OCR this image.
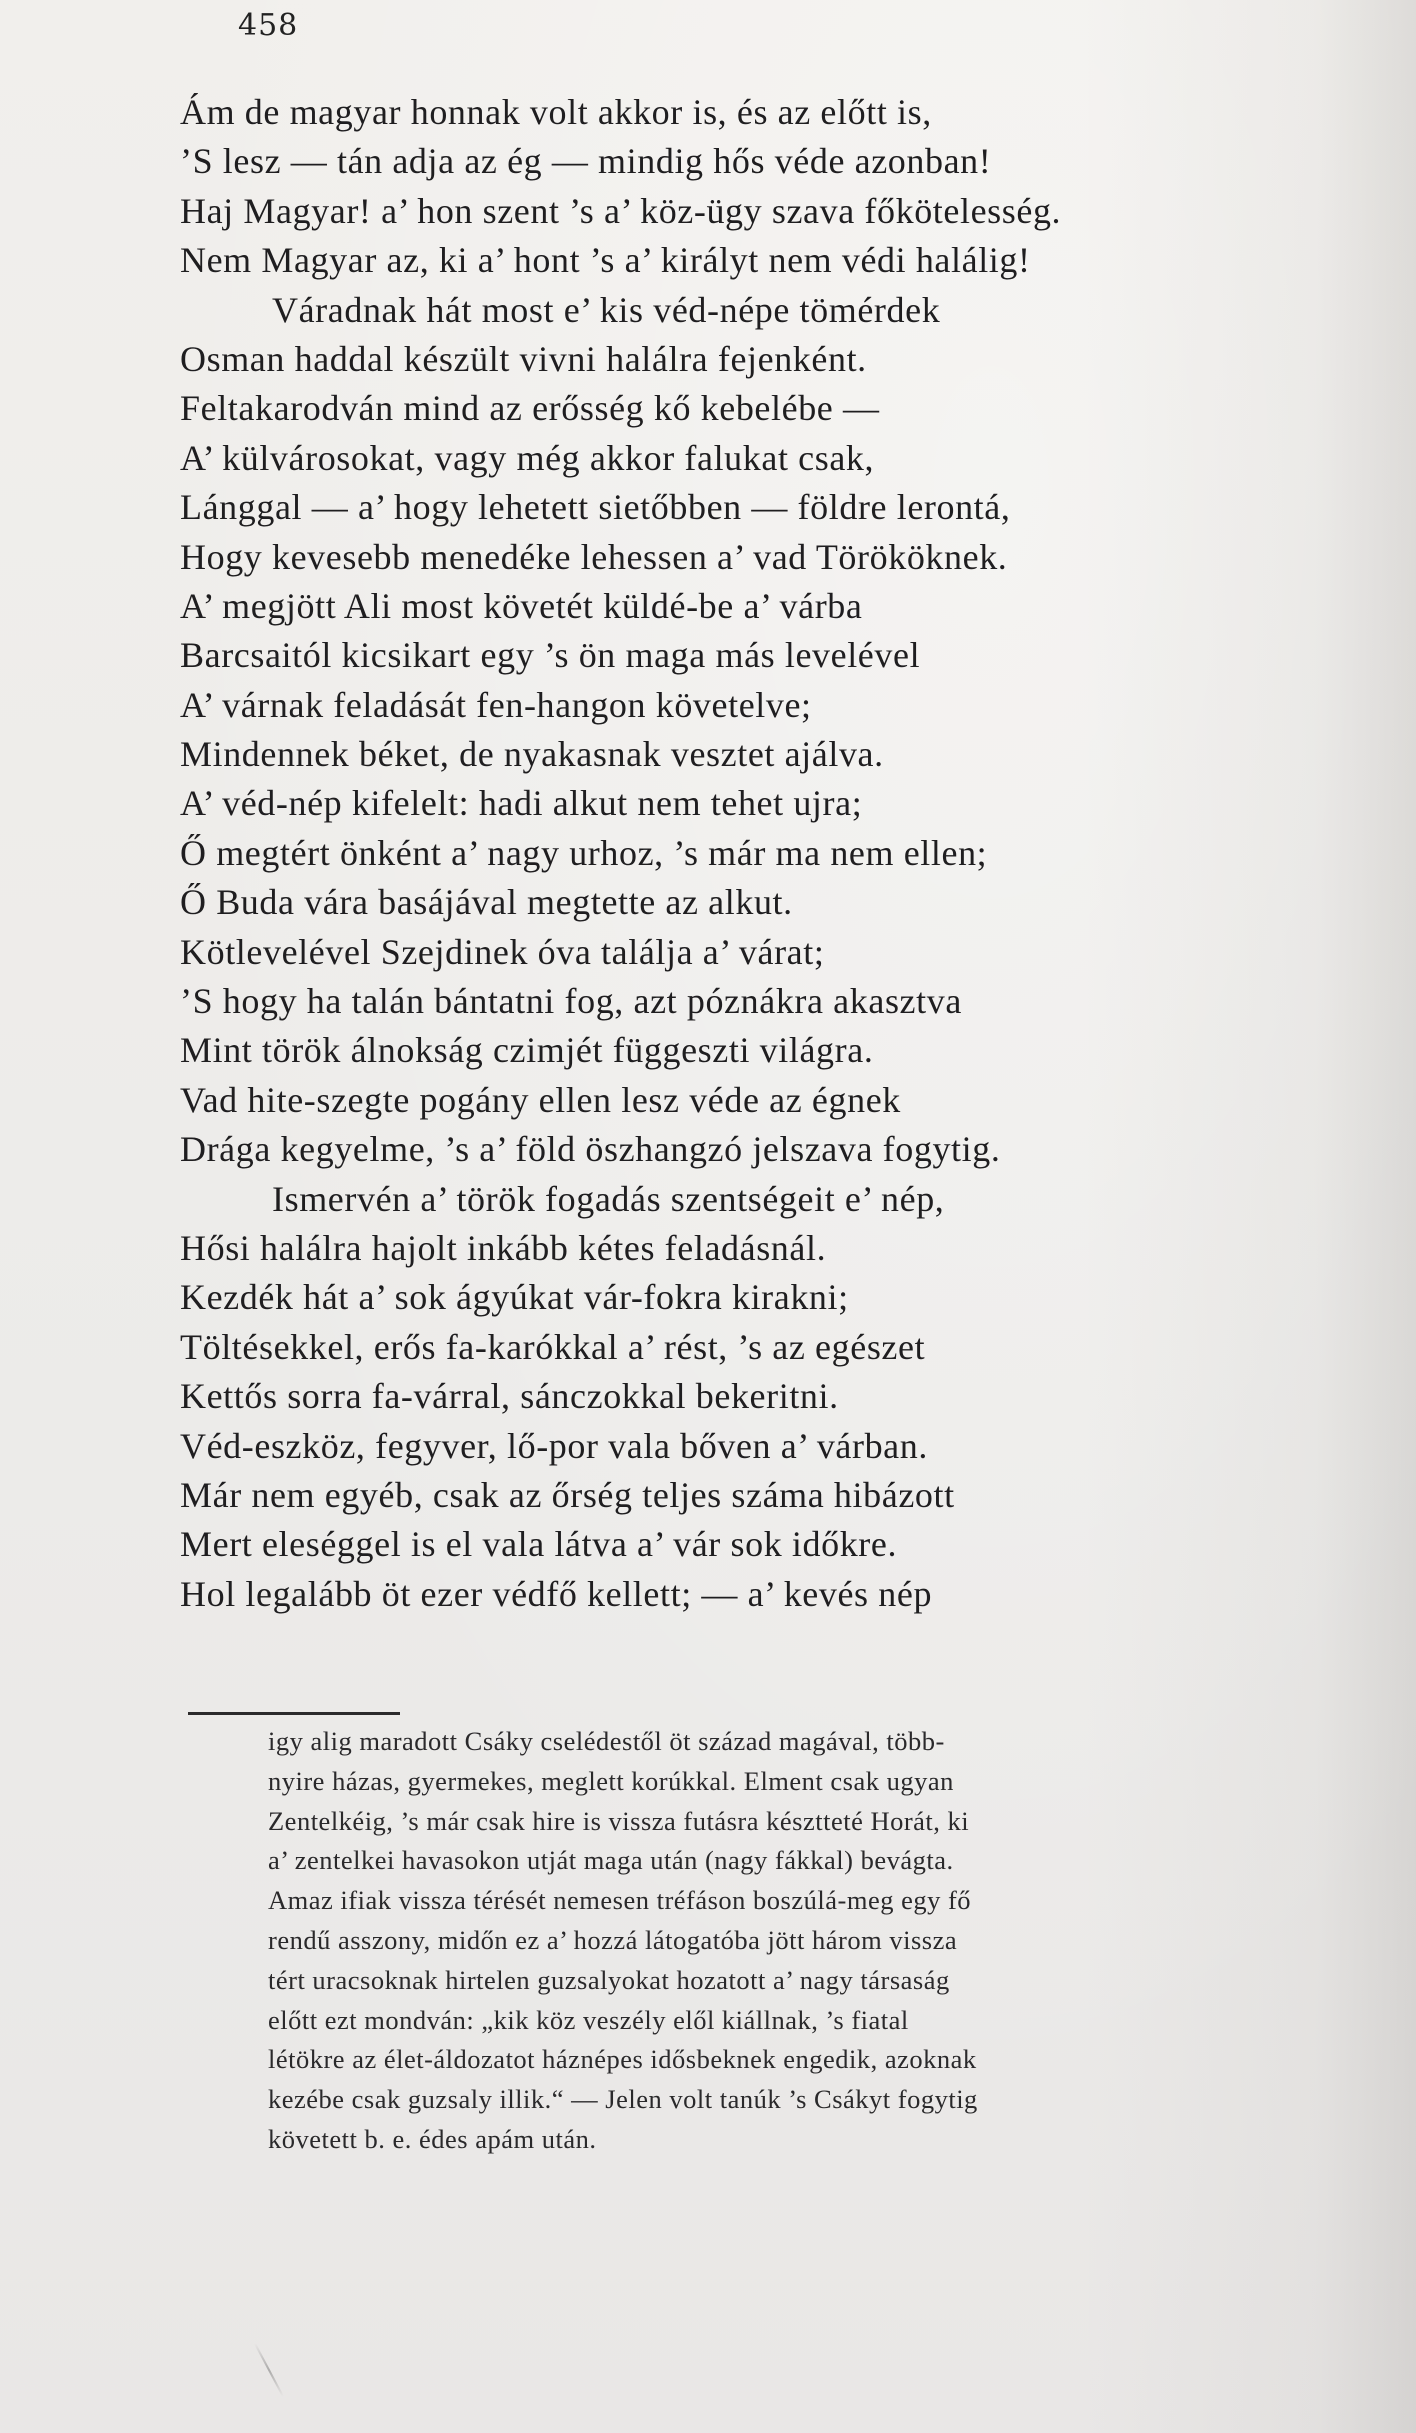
458
Ám de magyar honnak volt akkor is, és az előtt is,
’S lesz — tán adja az ég — mindig hős véde azonban!
Haj Magyar! a’ hon szent ’s a’ köz-ügy szava főkötelesség.
Nem Magyar az, ki a’ hont ’s a’ királyt nem védi halálig!
Váradnak hát most e’ kis véd-népe tömérdek
Osman haddal készült vivni halálra fejenként.
Feltakarodván mind az erősség kő kebelébe —
A’ külvárosokat, vagy még akkor falukat csak,
Lánggal — a’ hogy lehetett sietőbben — földre lerontá,
Hogy kevesebb menedéke lehessen a’ vad Törököknek.
A’ megjött Ali most követét küldé-be a’ várba
Barcsaitól kicsikart egy ’s ön maga más levelével
A’ várnak feladását fen-hangon követelve;
Mindennek béket, de nyakasnak vesztet ajálva.
A’ véd-nép kifelelt: hadi alkut nem tehet ujra;
Ő megtért önként a’ nagy urhoz, ’s már ma nem ellen;
Ő Buda vára basájával megtette az alkut.
Kötlevelével Szejdinek óva találja a’ várat;
’S hogy ha talán bántatni fog, azt póznákra akasztva
Mint török álnokság czimjét függeszti világra.
Vad hite-szegte pogány ellen lesz véde az égnek
Drága kegyelme, ’s a’ föld öszhangzó jelszava fogytig.
Ismervén a’ török fogadás szentségeit e’ nép,
Hősi halálra hajolt inkább kétes feladásnál.
Kezdék hát a’ sok ágyúkat vár-fokra kirakni;
Töltésekkel, erős fa-karókkal a’ rést, ’s az egészet
Kettős sorra fa-várral, sánczokkal bekeritni.
Véd-eszköz, fegyver, lő-por vala bőven a’ várban.
Már nem egyéb, csak az őrség teljes száma hibázott
Mert eleséggel is el vala látva a’ vár sok időkre.
Hol legalább öt ezer védfő kellett; — a’ kevés nép
igy alig maradott Csáky cselédestől öt század magával, több-
nyire házas, gyermekes, meglett korúkkal. Elment csak ugyan
Zentelkéig, ’s már csak hire is vissza futásra késztteté Horát, ki
a’ zentelkei havasokon utját maga után (nagy fákkal) bevágta.
Amaz ifiak vissza térését nemesen tréfáson boszúlá-meg egy fő
rendű asszony, midőn ez a’ hozzá látogatóba jött három vissza
tért uracsoknak hirtelen guzsalyokat hozatott a’ nagy társaság
előtt ezt mondván: „kik köz veszély elől kiállnak, ’s fiatal
létökre az élet-áldozatot háznépes idősbeknek engedik, azoknak
kezébe csak guzsaly illik.“ — Jelen volt tanúk ’s Csákyt fogytig
követett b. e. édes apám után.
